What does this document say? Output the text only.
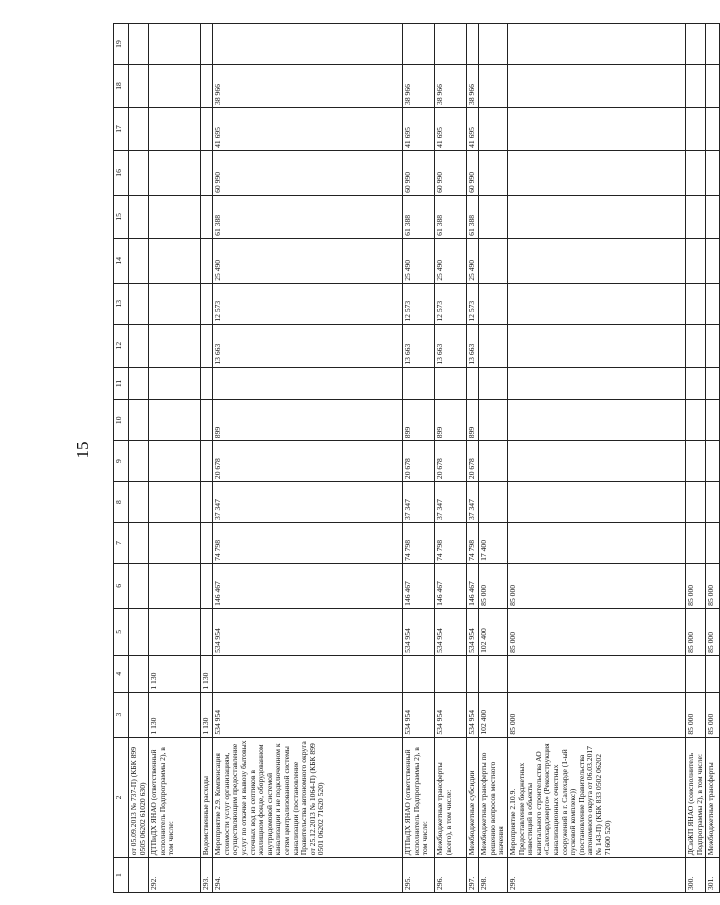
15
1	2	3	4	5	6	7	8	9	10	11	12	13	14	15	16	17	18	19
	от 05.09.2013 № 737-П) (КБК 899 0505 06202 61020 630)																	
292.	ДТПиДХ ЯНАО (ответственный исполнитель Подпрограммы 2), в том числе:	1 130	1 130															
293.	Ведомственные расходы	1 130	1 130															
294.	Мероприятие 2.9. Компенсация стоимости услуг организациям, осуществляющим предоставление услуг по откачке и вывозу бытовых сточных вод из септиков в жилищном фонде, оборудованном внутридомовой системой канализации и не подключенном к сетям централизованной системы канализации (постановление Правительства автономного округа от 25.12.2013 № 1064-П) (КБК 899 0501 06202 71620 520)	534 954		534 954	146 467	74 798	37 347	20 678	899		13 663	12 573	25 490	61 388	60 990	41 695	38 966	
295.	ДТПиДХ ЯНАО (ответственный исполнитель Подпрограммы 2), в том числе:	534 954		534 954	146 467	74 798	37 347	20 678	899		13 663	12 573	25 490	61 388	60 990	41 695	38 966	
296.	Межбюджетные трансферты (всего), в том числе:	534 954		534 954	146 467	74 798	37 347	20 678	899		13 663	12 573	25 490	61 388	60 990	41 695	38 966	
297.	Межбюджетные субсидии	534 954		534 954	146 467	74 798	37 347	20 678	899		13 663	12 573	25 490	61 388	60 990	41 695	38 966	
298.	Межбюджетные трансферты по решению вопросов местного значения	102 400		102 400	85 000	17 400												
299.	Мероприятие 2.10.9. Предоставление бюджетных инвестиций в объекты капитального строительства АО «Салехардэнерго» (Реконструкция канализационных очистных сооружений в г. Салехарде (1-ый пусковой комплекс)) (постановление Правительства автономного округа от 06.03.2017 № 143-П) (КБК 833 0502 06202 71600 520)	85 000		85 000	85 000													
300.	ДСиЖП ЯНАО (соисполнитель Подпрограммы 2), в том числе:	85 000		85 000	85 000													
301.	Межбюджетные трансферты	85 000		85 000	85 000													
